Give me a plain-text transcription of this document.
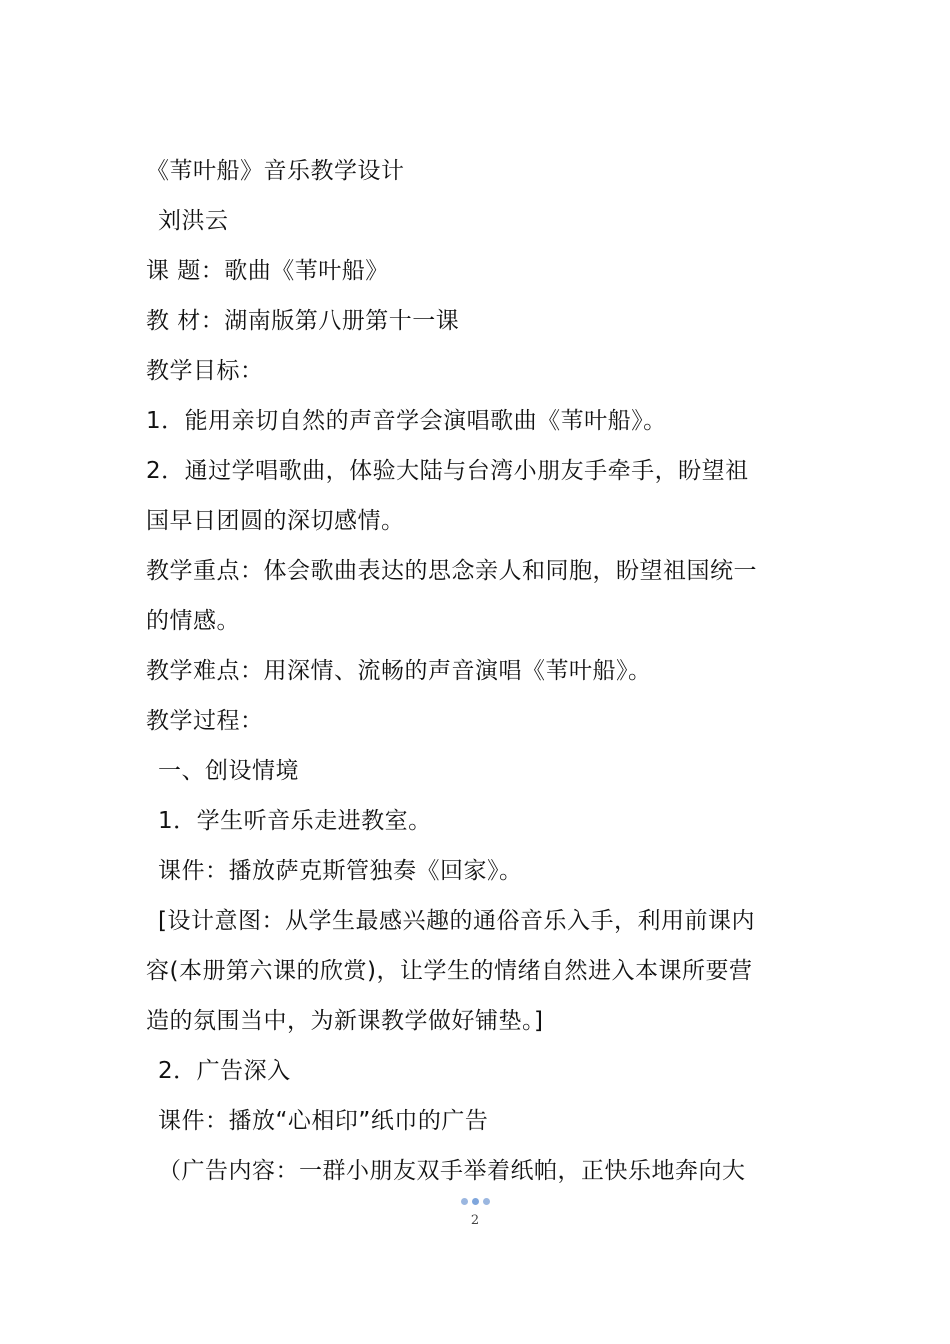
《苇叶船》音乐教学设计
刘洪云
课 题：歌曲《苇叶船》
教 材：湖南版第八册第十一课
教学目标：
1．能用亲切自然的声音学会演唱歌曲《苇叶船》。
2．通过学唱歌曲，体验大陆与台湾小朋友手牵手，盼望祖
国早日团圆的深切感情。
教学重点：体会歌曲表达的思念亲人和同胞，盼望祖国统一
的情感。
教学难点：用深情、流畅的声音演唱《苇叶船》。
教学过程：
一、创设情境
1．学生听音乐走进教室。
课件：播放萨克斯管独奏《回家》。
[设计意图：从学生最感兴趣的通俗音乐入手，利用前课内
容(本册第六课的欣赏)，让学生的情绪自然进入本课所要营
造的氛围当中，为新课教学做好铺垫。]
2．广告深入
课件：播放“心相印”纸巾的广告
（广告内容：一群小朋友双手举着纸帕，正快乐地奔向大

2
